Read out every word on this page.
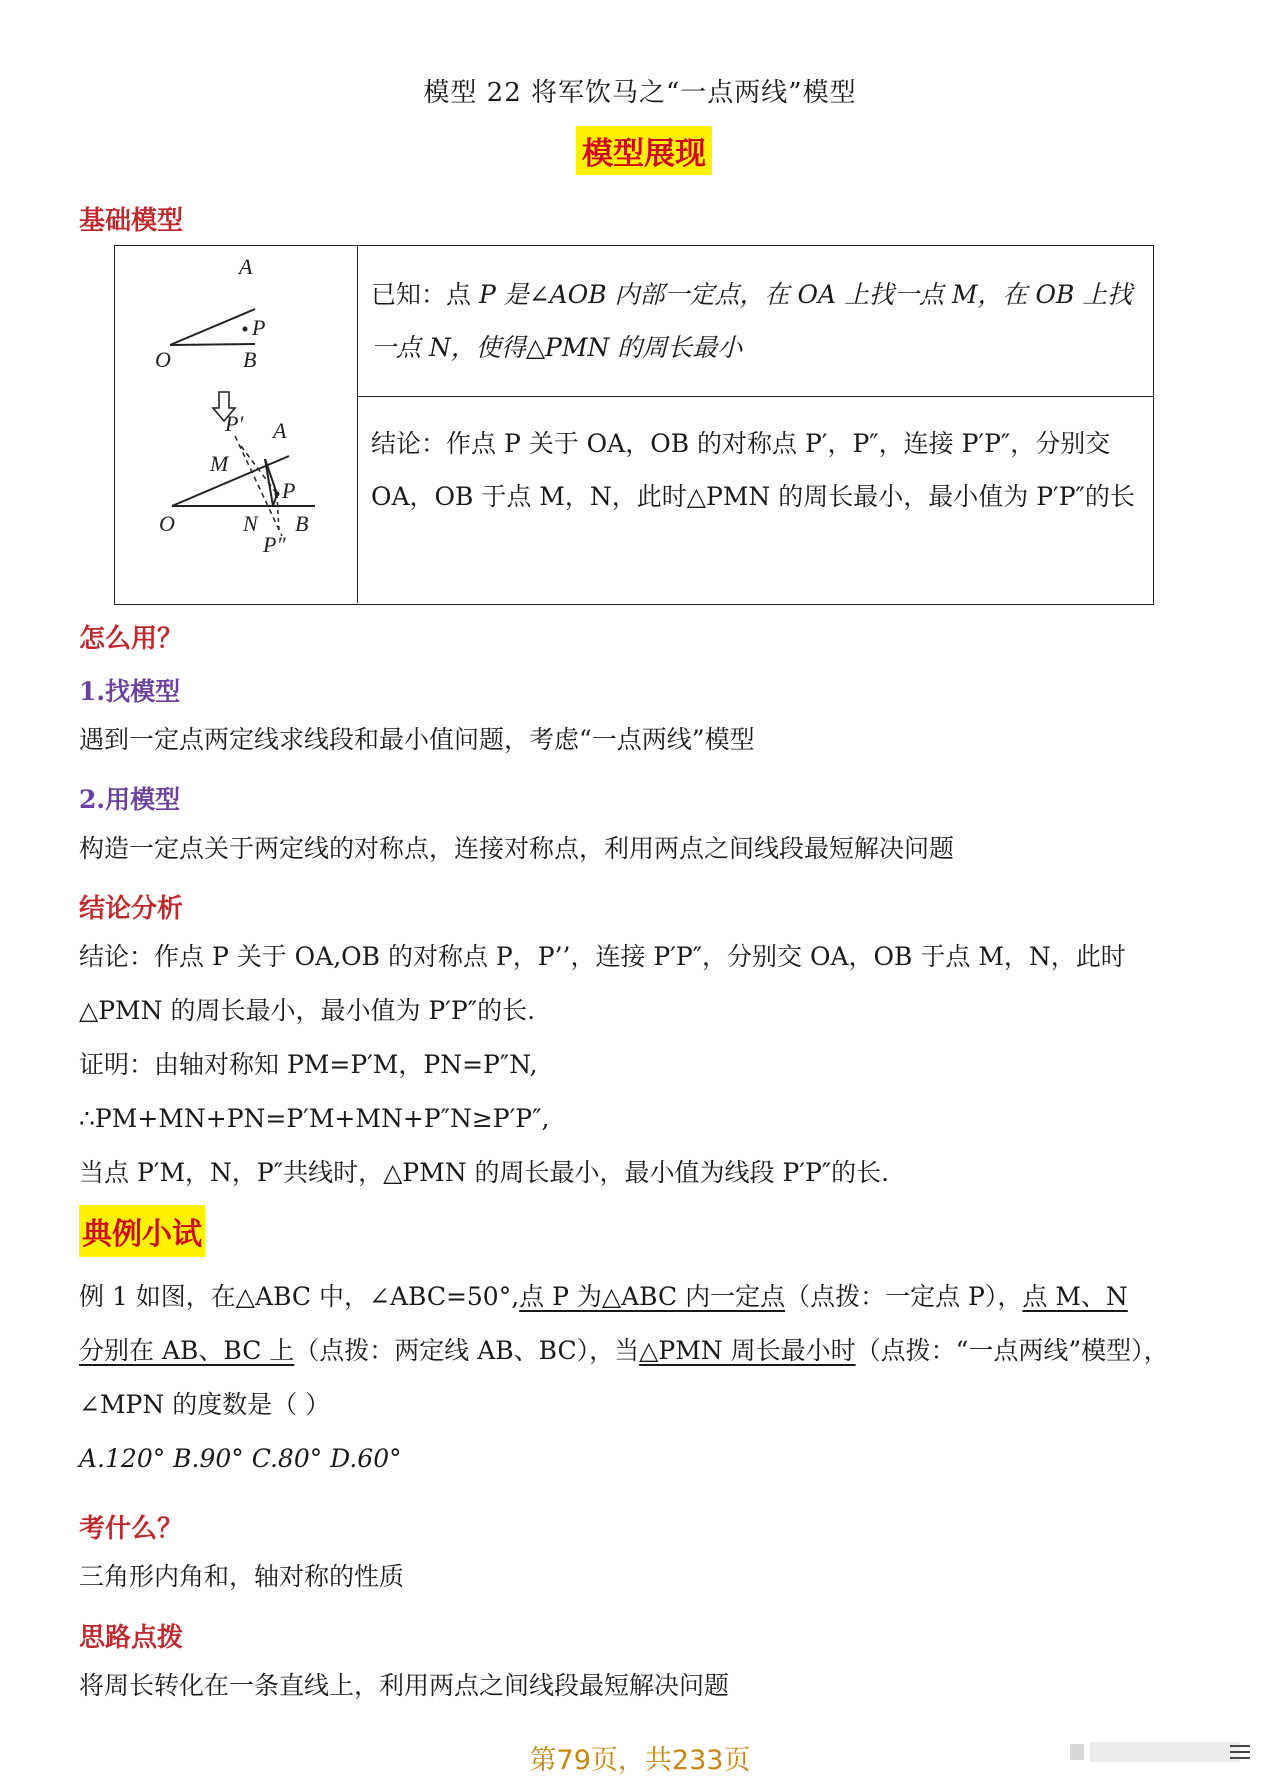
模型 22 将军饮马之“一点两线”模型
模型展现
基础模型
A
P
O	B
P′ A
M
P
O	N B
P″
已知：点 P 是∠AOB 内部一定点，在 OA 上找一点 M，在 OB 上找一点 N，使得△PMN 的周长最小
结论：作点 P 关于 OA，OB 的对称点 P′，P″，连接 P′P″，分别交 OA，OB 于点 M，N，此时△PMN 的周长最小，最小值为 P′P″的长
怎么用？
1.找模型
遇到一定点两定线求线段和最小值问题，考虑“一点两线”模型
2.用模型
构造一定点关于两定线的对称点，连接对称点，利用两点之间线段最短解决问题
结论分析
结论：作点 P 关于 OA,OB 的对称点 P，P’’，连接 P′P″，分别交 OA，OB 于点 M，N，此时
△PMN 的周长最小，最小值为 P′P″的长.
证明：由轴对称知 PM=P′M，PN=P″N,
∴PM+MN+PN=P′M+MN+P″N≥P′P″,
当点 P′M，N，P″共线时，△PMN 的周长最小，最小值为线段 P′P″的长.
典例小试
例 1 如图，在△ABC 中，∠ABC=50°,点 P 为△ABC 内一定点（点拨：一定点 P），点 M、N
分别在 AB、BC 上（点拨：两定线 AB、BC），当△PMN 周长最小时（点拨：“一点两线”模型），
∠MPN 的度数是（ ）
A.120° B.90° C.80° D.60°
考什么？
三角形内角和，轴对称的性质
思路点拨
将周长转化在一条直线上，利用两点之间线段最短解决问题
第79页，共233页
